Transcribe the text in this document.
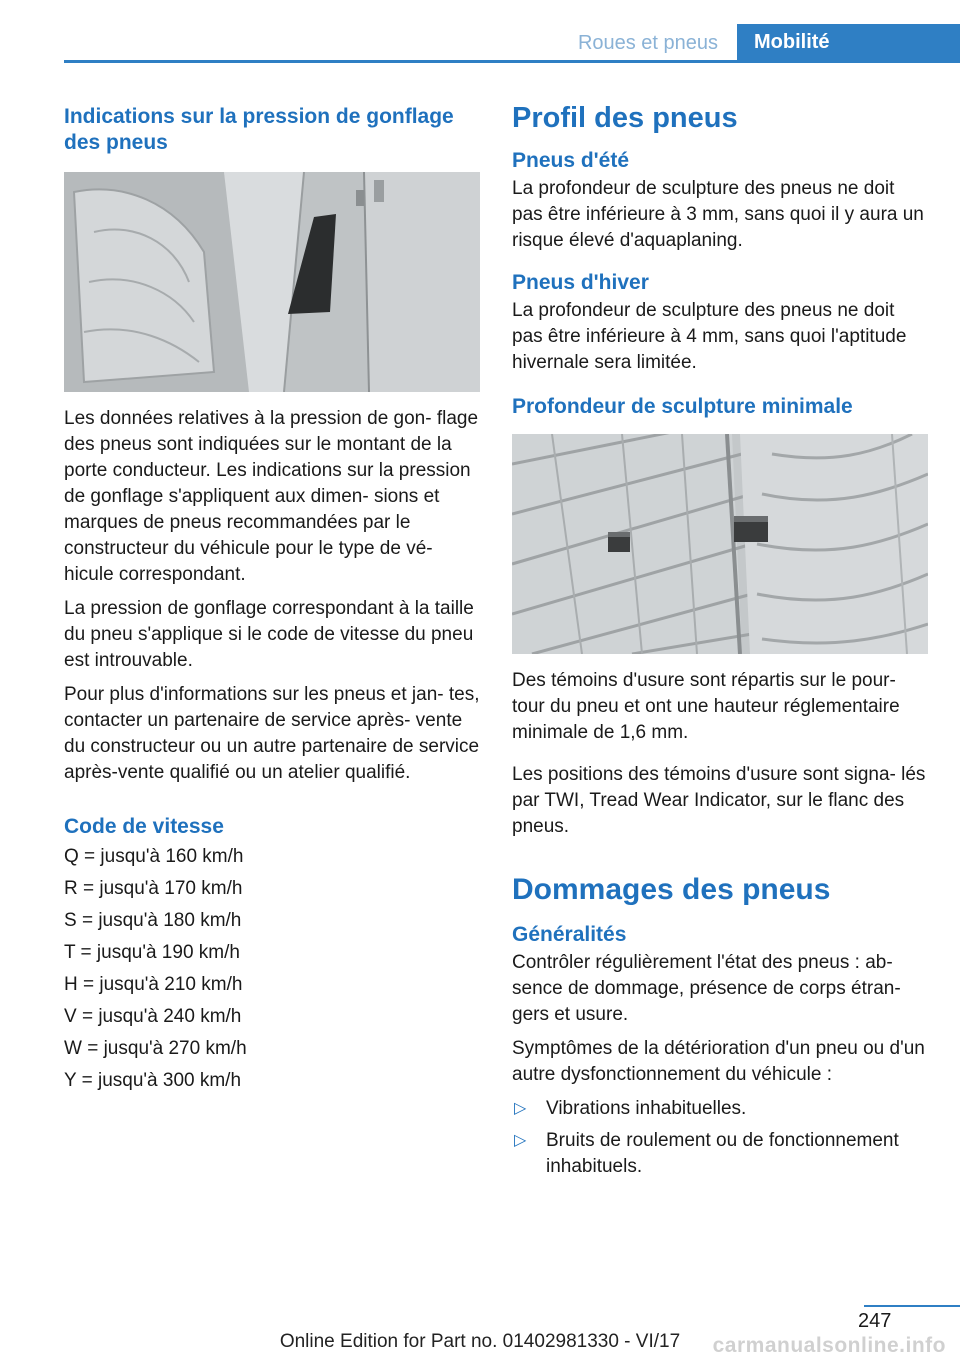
Roues et pneus	Mobilité
Indications sur la pression de gonflage des pneus

Les données relatives à la pression de gon‐ flage des pneus sont indiquées sur le montant de la porte conducteur. Les indications sur la pression de gonflage s'appliquent aux dimen‐ sions et marques de pneus recommandées par le constructeur du véhicule pour le type de vé‐ hicule correspondant.

La pression de gonflage correspondant à la taille du pneu s'applique si le code de vitesse du pneu est introuvable.

Pour plus d'informations sur les pneus et jan‐ tes, contacter un partenaire de service après- vente du constructeur ou un autre partenaire de service après-vente qualifié ou un atelier qualifié.

Code de vitesse

Q = jusqu'à 160 km/h

R = jusqu'à 170 km/h

S = jusqu'à 180 km/h

T = jusqu'à 190 km/h

H = jusqu'à 210 km/h

V = jusqu'à 240 km/h

W = jusqu'à 270 km/h

Y = jusqu'à 300 km/h

Profil des pneus
Pneus d'été

La profondeur de sculpture des pneus ne doit pas être inférieure à 3 mm, sans quoi il y aura un risque élevé d'aquaplaning.

Pneus d'hiver

La profondeur de sculpture des pneus ne doit pas être inférieure à 4 mm, sans quoi l'aptitude hivernale sera limitée.

Profondeur de sculpture minimale

Des témoins d'usure sont répartis sur le pour‐ tour du pneu et ont une hauteur réglementaire minimale de 1,6 mm.

Les positions des témoins d'usure sont signa‐ lés par TWI, Tread Wear Indicator, sur le flanc des pneus.

Dommages des pneus
Généralités

Contrôler régulièrement l'état des pneus : ab‐ sence de dommage, présence de corps étran‐ gers et usure.

Symptômes de la détérioration d'un pneu ou d'un autre dysfonctionnement du véhicule :

▷ Vibrations inhabituelles.
▷ Bruits de roulement ou de fonctionnement inhabituels.
247
Online Edition for Part no. 01402981330 - VI/17	carmanualsonline.info
